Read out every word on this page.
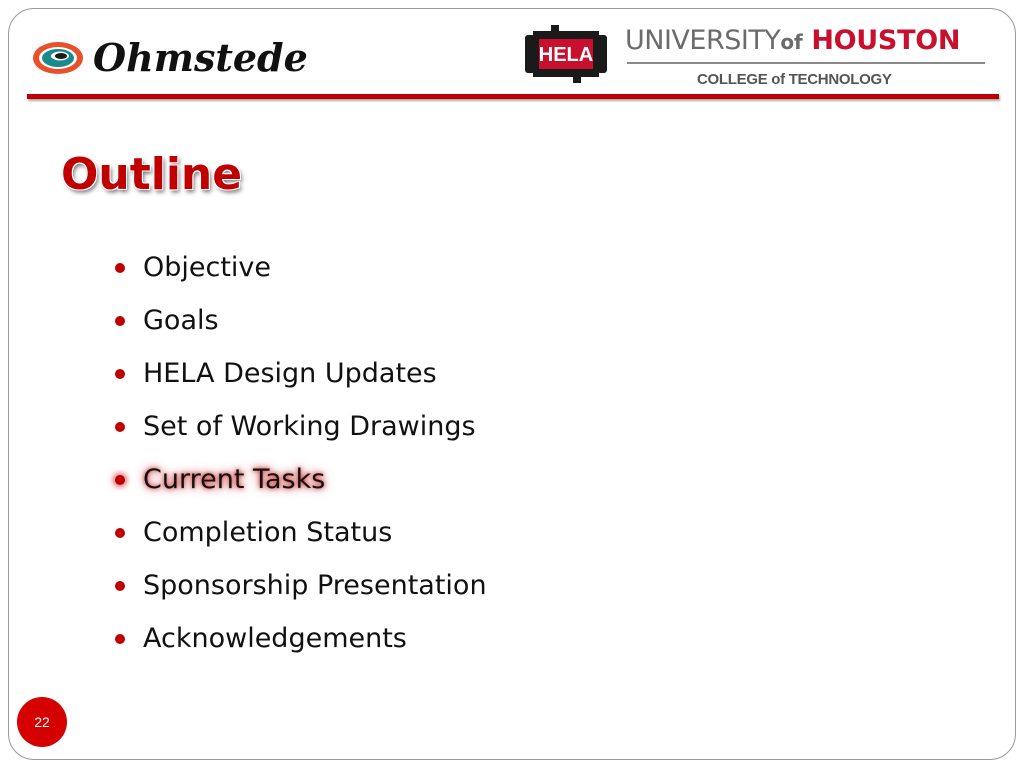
Ohmstede	HELA UNIVERSITYof HOUSTON
COLLEGE of TECHNOLOGY
Outline
Objective
Goals
HELA Design Updates
Set of Working Drawings
Current Tasks
Completion Status
Sponsorship Presentation
Acknowledgements
22
